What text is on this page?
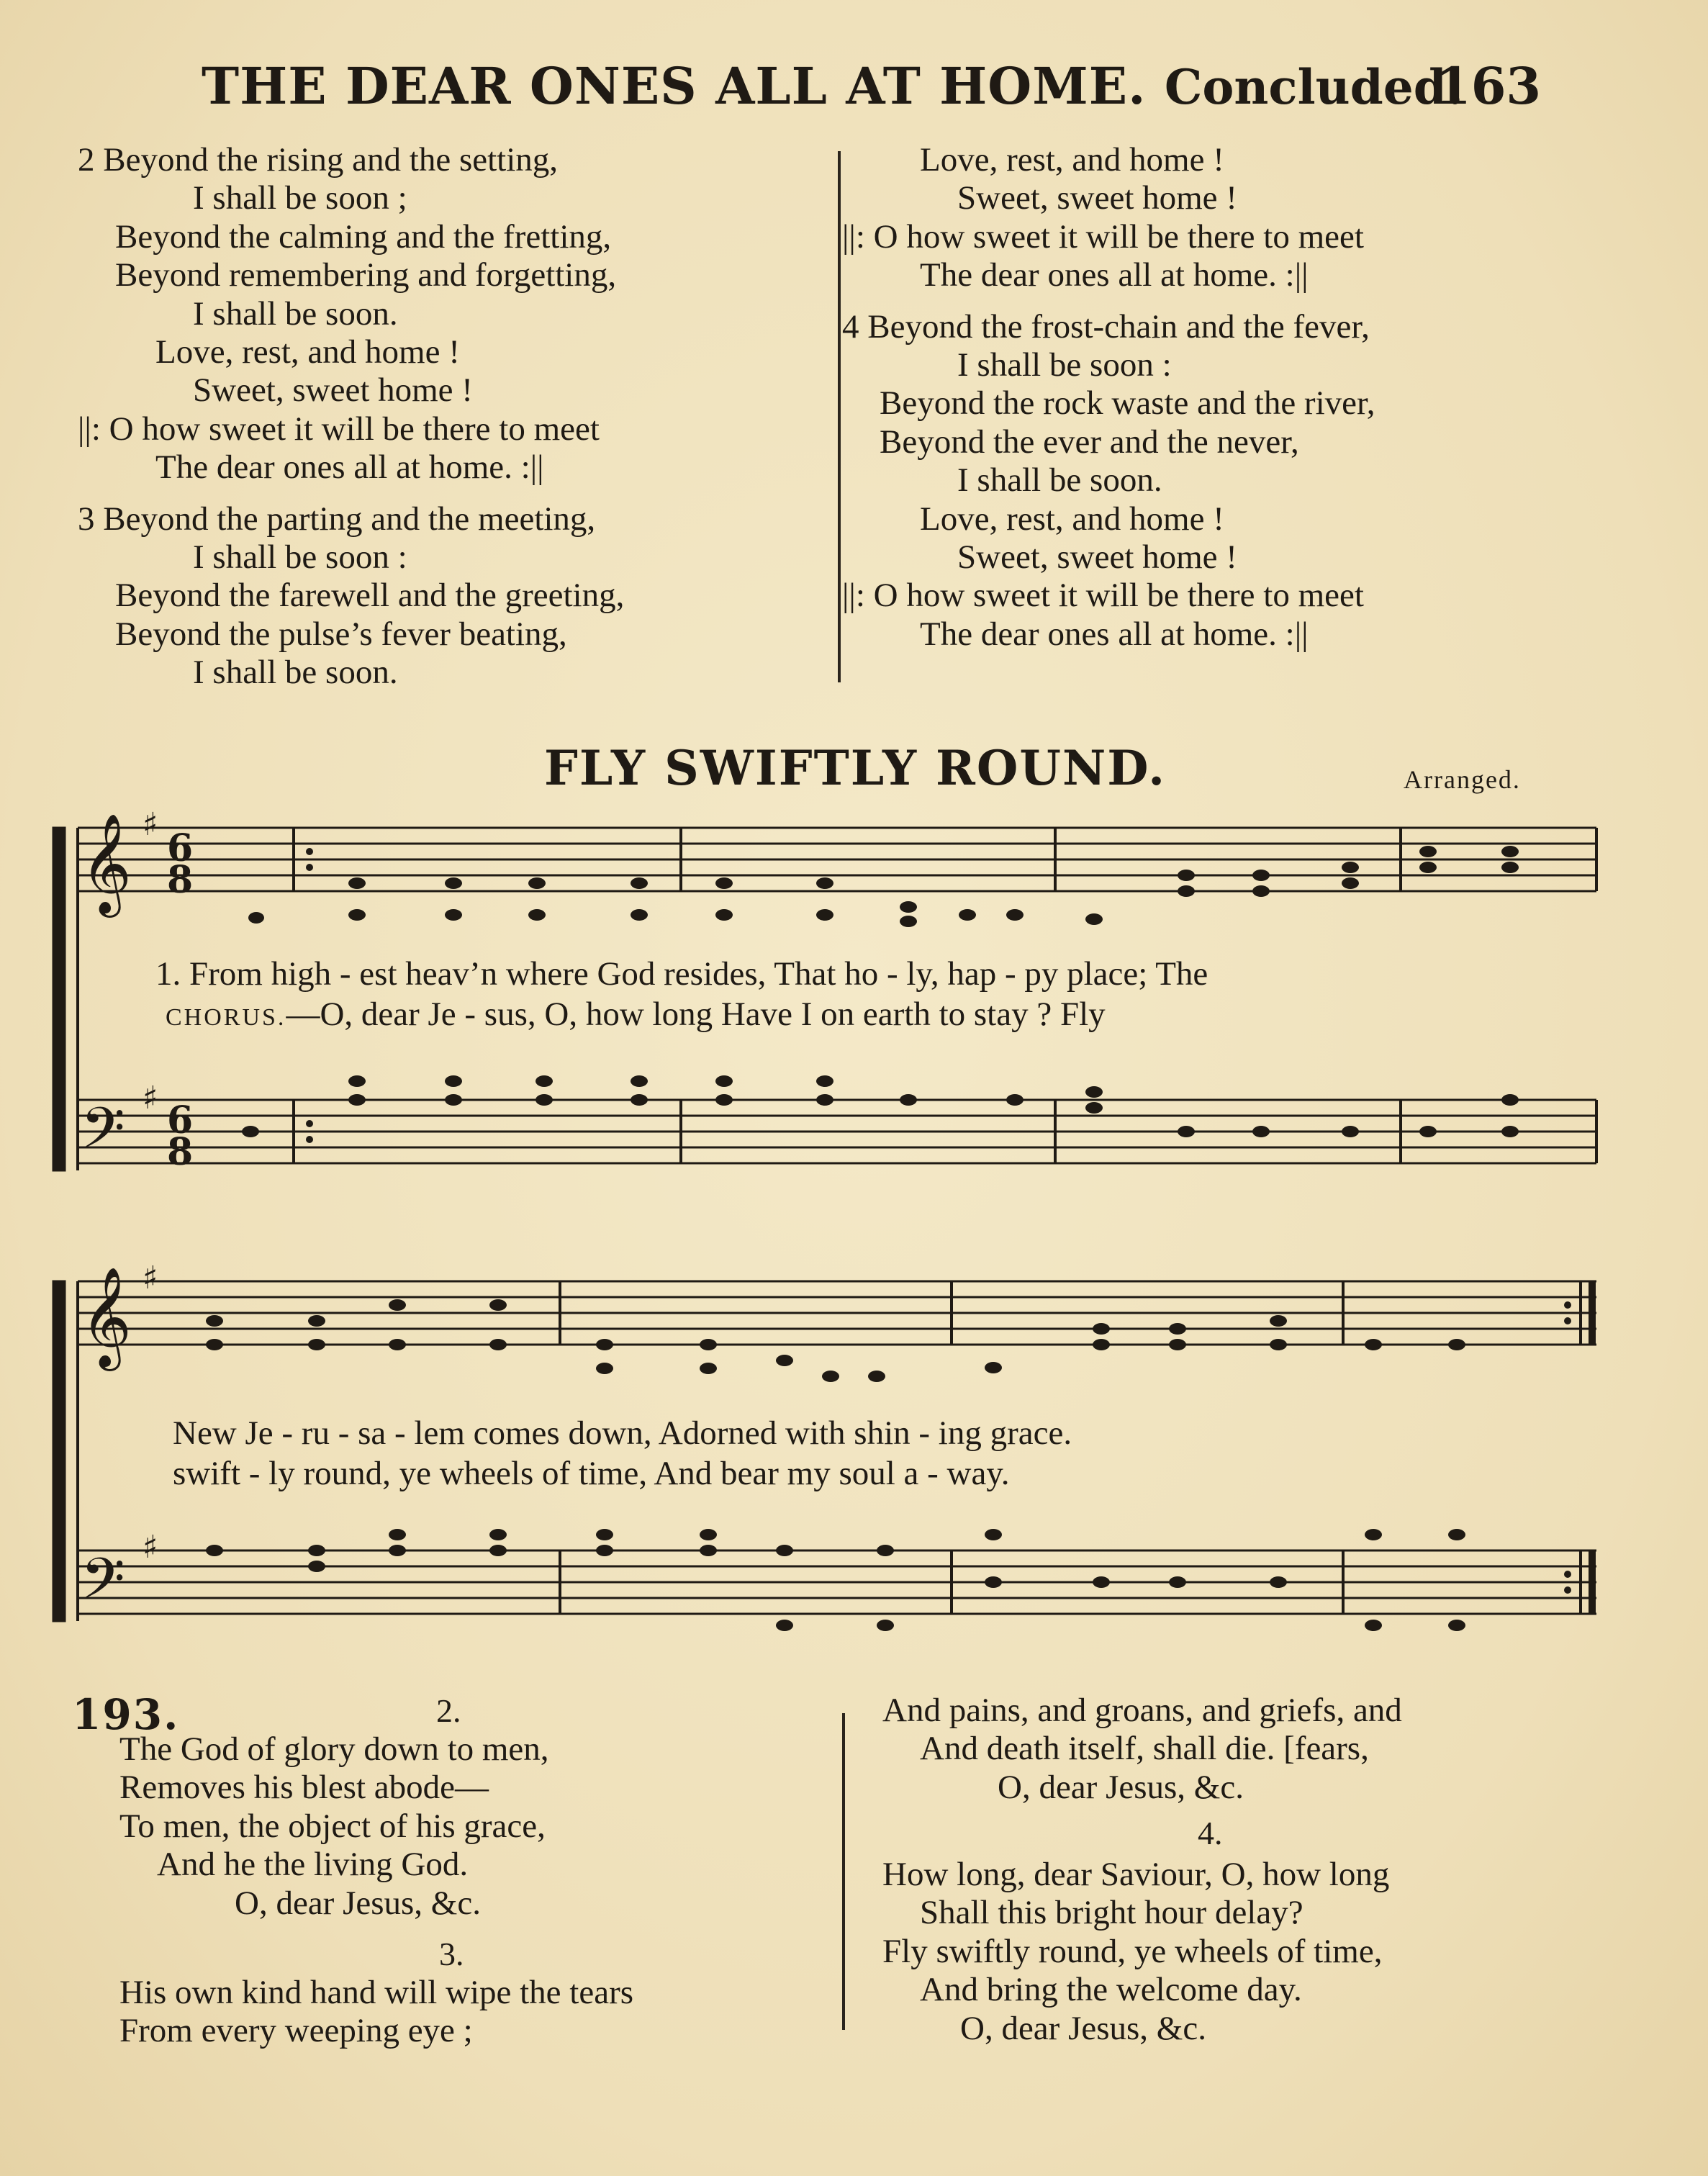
THE DEAR ONES ALL AT HOME. Concluded.
163
2 Beyond the rising and the setting,
I shall be soon ;
Beyond the calming and the fretting,
Beyond remembering and forgetting,
I shall be soon.
Love, rest, and home !
Sweet, sweet home !
||: O how sweet it will be there to meet
The dear ones all at home. :||
3 Beyond the parting and the meeting,
I shall be soon :
Beyond the farewell and the greeting,
Beyond the pulse’s fever beating,
I shall be soon.
Love, rest, and home !
Sweet, sweet home !
||: O how sweet it will be there to meet
The dear ones all at home. :||
4 Beyond the frost-chain and the fever,
I shall be soon :
Beyond the rock waste and the river,
Beyond the ever and the never,
I shall be soon.
Love, rest, and home !
Sweet, sweet home !
||: O how sweet it will be there to meet
The dear ones all at home. :||
FLY SWIFTLY ROUND.	Arranged.
𝄞
𝄢
𝄞
𝄢
♯
♯
♯
♯
6
8
6
8
1. From high - est heav’n where God resides, That ho - ly, hap - py place; The
CHORUS.—O, dear Je - sus, O, how long Have I on earth to stay ? Fly
New Je - ru - sa - lem comes down, Adorned with shin - ing grace.
swift - ly round, ye wheels of time, And bear my soul a - way.
193.	2.
The God of glory down to men,
Removes his blest abode—
To men, the object of his grace,
And he the living God.
O, dear Jesus, &c.
3.
His own kind hand will wipe the tears
From every weeping eye ;
And pains, and groans, and griefs, and
And death itself, shall die. [fears,
O, dear Jesus, &c.
4.
How long, dear Saviour, O, how long
Shall this bright hour delay?
Fly swiftly round, ye wheels of time,
And bring the welcome day.
O, dear Jesus, &c.
